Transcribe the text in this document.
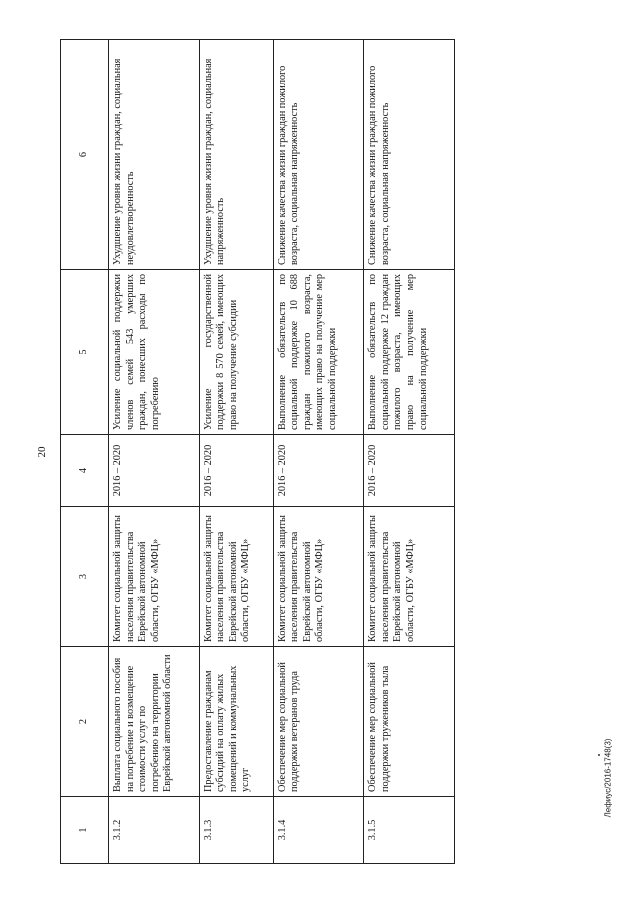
20
Лефиус/2016-1748(3)
1	2	3	4	5	6
3.1.2	Выплата социального пособия на погребение и возмещение стоимости услуг по погребению на территории Еврейской автономной области	Комитет социальной защиты населения правительства Еврейской автономной области, ОГБУ «МФЦ»	2016 – 2020	Усиление социальной поддержки членов семей 543 умерших граждан, понесших расходы по погребению	Ухудшение уровня жизни граждан, социальная неудовлетворенность
3.1.3	Предоставление гражданам субсидий на оплату жилых помещений и коммунальных услуг	Комитет социальной защиты населения правительства Еврейской автономной области, ОГБУ «МФЦ»	2016 – 2020	Усиление государственной поддержки 8 570 семей, имеющих право на получение субсидии	Ухудшение уровня жизни граждан, социальная напряженность
3.1.4	Обеспечение мер социальной поддержки ветеранов труда	Комитет социальной защиты населения правительства Еврейской автономной области, ОГБУ «МФЦ»	2016 – 2020	Выполнение обязательств по социальной поддержке 10 688 граждан пожилого возраста, имеющих право на получение мер социальной поддержки	Снижение качества жизни граждан пожилого возраста, социальная напряженность
3.1.5	Обеспечение мер социальной поддержки тружеников тыла	Комитет социальной защиты населения правительства Еврейской автономной области, ОГБУ «МФЦ»	2016 – 2020	Выполнение обязательств по социальной поддержке 12 граждан пожилого возраста, имеющих право на получение мер социальной поддержки	Снижение качества жизни граждан пожилого возраста, социальная напряженность
